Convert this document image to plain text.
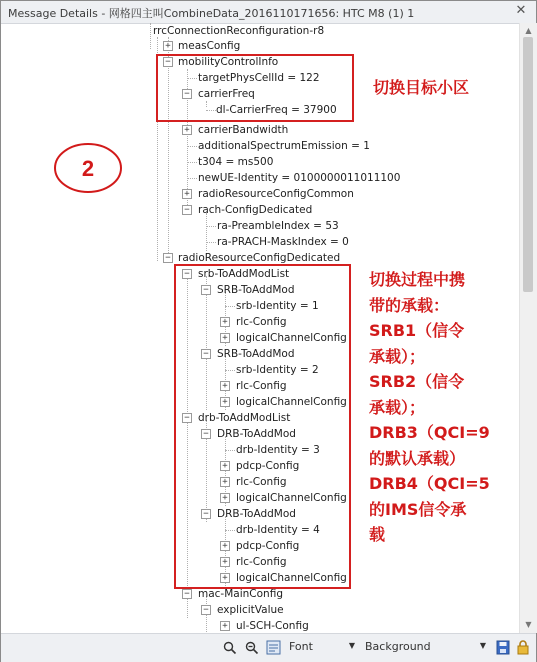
Message Details - 网格四主叫CombineData_2016110171656: HTC M8 (1) 1	✕
rrcConnectionReconfiguration-r8
+ measConfig
− mobilityControlInfo
targetPhysCellId = 122
− carrierFreq
dl-CarrierFreq = 37900
+ carrierBandwidth
additionalSpectrumEmission = 1
t304 = ms500
newUE-Identity = 0100000011011100
+ radioResourceConfigCommon
− rach-ConfigDedicated
ra-PreambleIndex = 53
ra-PRACH-MaskIndex = 0
− radioResourceConfigDedicated
− srb-ToAddModList
− SRB-ToAddMod
srb-Identity = 1
+ rlc-Config
+ logicalChannelConfig
− SRB-ToAddMod
srb-Identity = 2
+ rlc-Config
+ logicalChannelConfig
− drb-ToAddModList
− DRB-ToAddMod
drb-Identity = 3
+ pdcp-Config
+ rlc-Config
+ logicalChannelConfig
− DRB-ToAddMod
drb-Identity = 4
+ pdcp-Config
+ rlc-Config
+ logicalChannelConfig
− mac-MainConfig
− explicitValue
+ ul-SCH-Config
2
切换目标小区
切换过程中携
带的承载：
SRB1（信令
承载）；
SRB2（信令
承载）；
DRB3（QCI=9
的默认承载）
DRB4（QCI=5
的IMS信令承
载
▲
▼
Font	▼ Background	▼
